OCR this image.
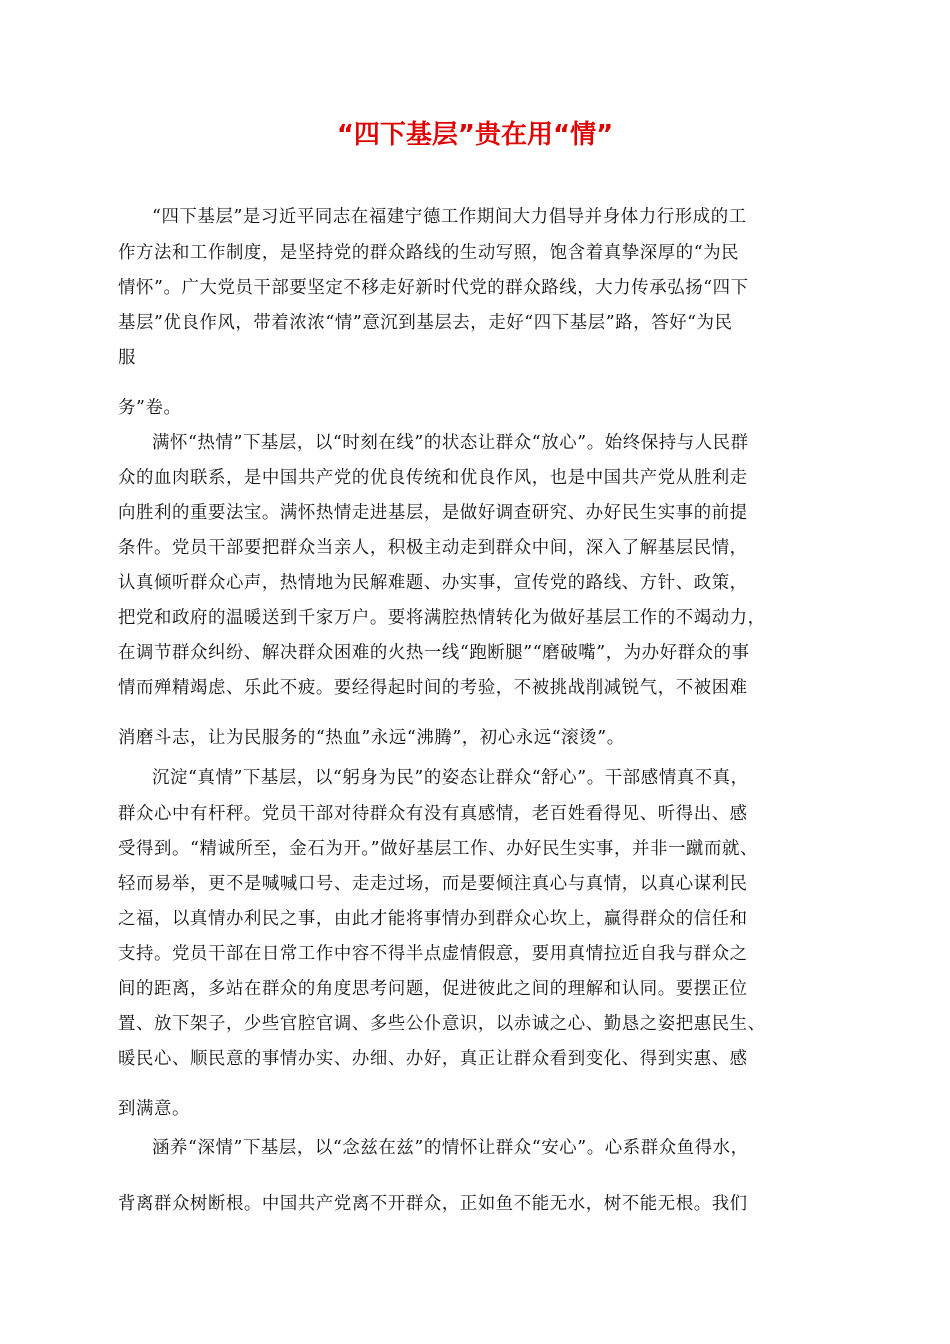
“四下基层”贵在用“情”
“四下基层”是习近平同志在福建宁德工作期间大力倡导并身体力行形成的工
作方法和工作制度，是坚持党的群众路线的生动写照，饱含着真挚深厚的“为民
情怀”。广大党员干部要坚定不移走好新时代党的群众路线，大力传承弘扬“四下
基层”优良作风，带着浓浓“情”意沉到基层去，走好“四下基层”路，答好“为民
服
务”卷。
满怀“热情”下基层，以“时刻在线”的状态让群众“放心”。始终保持与人民群
众的血肉联系，是中国共产党的优良传统和优良作风，也是中国共产党从胜利走
向胜利的重要法宝。满怀热情走进基层，是做好调查研究、办好民生实事的前提
条件。党员干部要把群众当亲人，积极主动走到群众中间，深入了解基层民情，
认真倾听群众心声，热情地为民解难题、办实事，宣传党的路线、方针、政策，
把党和政府的温暖送到千家万户。要将满腔热情转化为做好基层工作的不竭动力，
在调节群众纠纷、解决群众困难的火热一线“跑断腿”“磨破嘴”，为办好群众的事
情而殚精竭虑、乐此不疲。要经得起时间的考验，不被挑战削减锐气，不被困难
消磨斗志，让为民服务的“热血”永远“沸腾”，初心永远“滚烫”。
沉淀“真情”下基层，以“躬身为民”的姿态让群众“舒心”。干部感情真不真，
群众心中有杆秤。党员干部对待群众有没有真感情，老百姓看得见、听得出、感
受得到。“精诚所至，金石为开。”做好基层工作、办好民生实事，并非一蹴而就、
轻而易举，更不是喊喊口号、走走过场，而是要倾注真心与真情，以真心谋利民
之福，以真情办利民之事，由此才能将事情办到群众心坎上，赢得群众的信任和
支持。党员干部在日常工作中容不得半点虚情假意，要用真情拉近自我与群众之
间的距离，多站在群众的角度思考问题，促进彼此之间的理解和认同。要摆正位
置、放下架子，少些官腔官调、多些公仆意识，以赤诚之心、勤恳之姿把惠民生、
暖民心、顺民意的事情办实、办细、办好，真正让群众看到变化、得到实惠、感
到满意。
涵养“深情”下基层，以“念兹在兹”的情怀让群众“安心”。心系群众鱼得水，
背离群众树断根。中国共产党离不开群众，正如鱼不能无水，树不能无根。我们
